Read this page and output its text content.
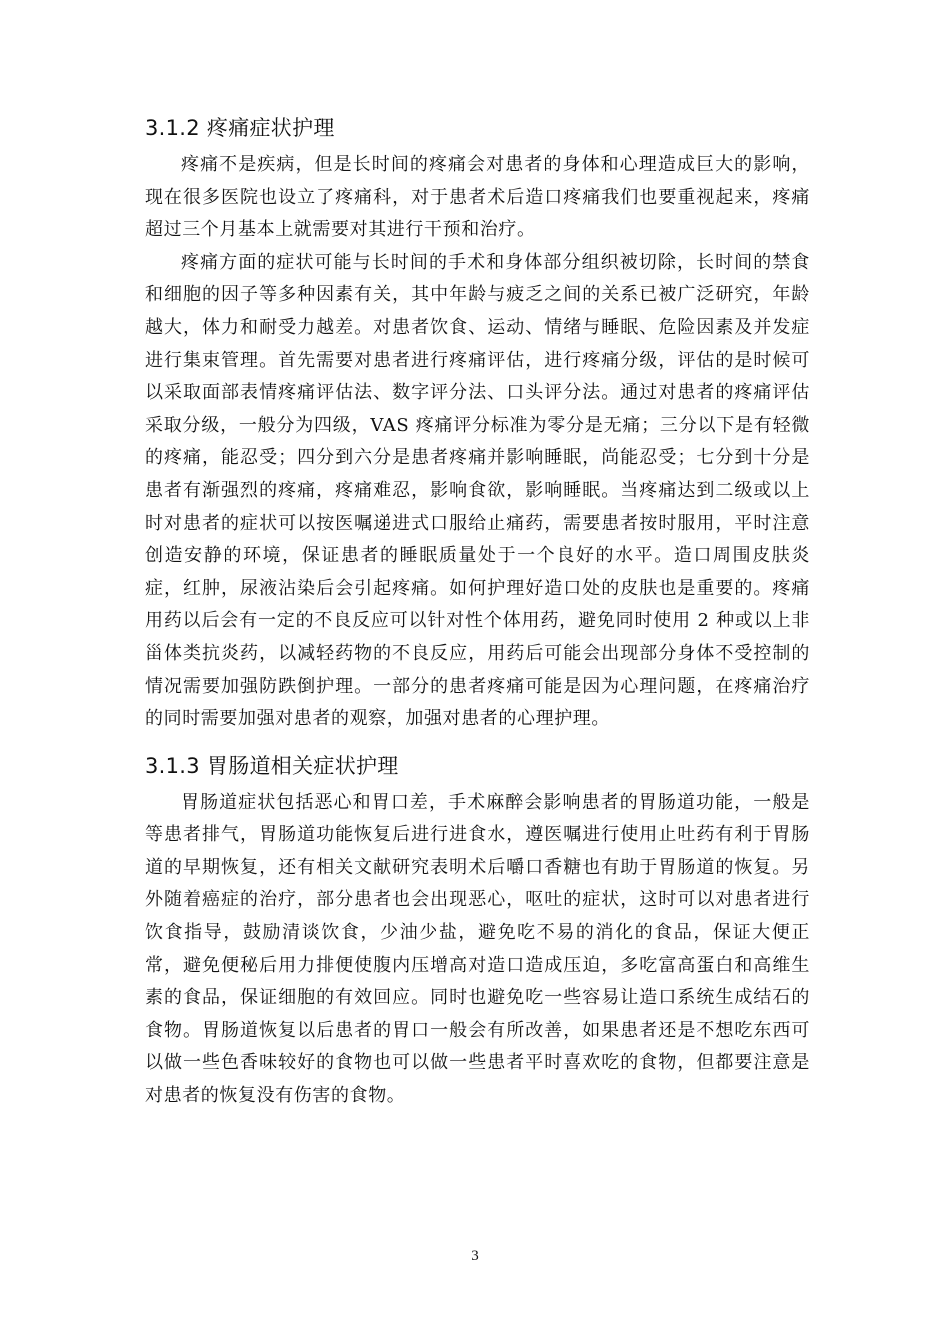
3.1.2 疼痛症状护理

疼痛不是疾病，但是长时间的疼痛会对患者的身体和心理造成巨大的影响，现在很多医院也设立了疼痛科，对于患者术后造口疼痛我们也要重视起来，疼痛超过三个月基本上就需要对其进行干预和治疗。

疼痛方面的症状可能与长时间的手术和身体部分组织被切除，长时间的禁食和细胞的因子等多种因素有关，其中年龄与疲乏之间的关系已被广泛研究，年龄越大，体力和耐受力越差。对患者饮食、运动、情绪与睡眠、危险因素及并发症进行集束管理。首先需要对患者进行疼痛评估，进行疼痛分级，评估的是时候可以采取面部表情疼痛评估法、数字评分法、口头评分法。通过对患者的疼痛评估采取分级，一般分为四级，VAS 疼痛评分标准为零分是无痛；三分以下是有轻微的疼痛，能忍受；四分到六分是患者疼痛并影响睡眠，尚能忍受；七分到十分是患者有渐强烈的疼痛，疼痛难忍，影响食欲，影响睡眠。当疼痛达到二级或以上时对患者的症状可以按医嘱递进式口服给止痛药，需要患者按时服用，平时注意创造安静的环境，保证患者的睡眠质量处于一个良好的水平。造口周围皮肤炎症，红肿，尿液沾染后会引起疼痛。如何护理好造口处的皮肤也是重要的。疼痛用药以后会有一定的不良反应可以针对性个体用药，避免同时使用 2 种或以上非甾体类抗炎药，以减轻药物的不良反应，用药后可能会出现部分身体不受控制的情况需要加强防跌倒护理。一部分的患者疼痛可能是因为心理问题，在疼痛治疗的同时需要加强对患者的观察，加强对患者的心理护理。

3.1.3 胃肠道相关症状护理

胃肠道症状包括恶心和胃口差，手术麻醉会影响患者的胃肠道功能，一般是等患者排气，胃肠道功能恢复后进行进食水，遵医嘱进行使用止吐药有利于胃肠道的早期恢复，还有相关文献研究表明术后嚼口香糖也有助于胃肠道的恢复。另外随着癌症的治疗，部分患者也会出现恶心，呕吐的症状，这时可以对患者进行饮食指导，鼓励清谈饮食，少油少盐，避免吃不易的消化的食品，保证大便正常，避免便秘后用力排便使腹内压增高对造口造成压迫，多吃富高蛋白和高维生素的食品，保证细胞的有效回应。同时也避免吃一些容易让造口系统生成结石的食物。胃肠道恢复以后患者的胃口一般会有所改善，如果患者还是不想吃东西可以做一些色香味较好的食物也可以做一些患者平时喜欢吃的食物，但都要注意是对患者的恢复没有伤害的食物。

3
